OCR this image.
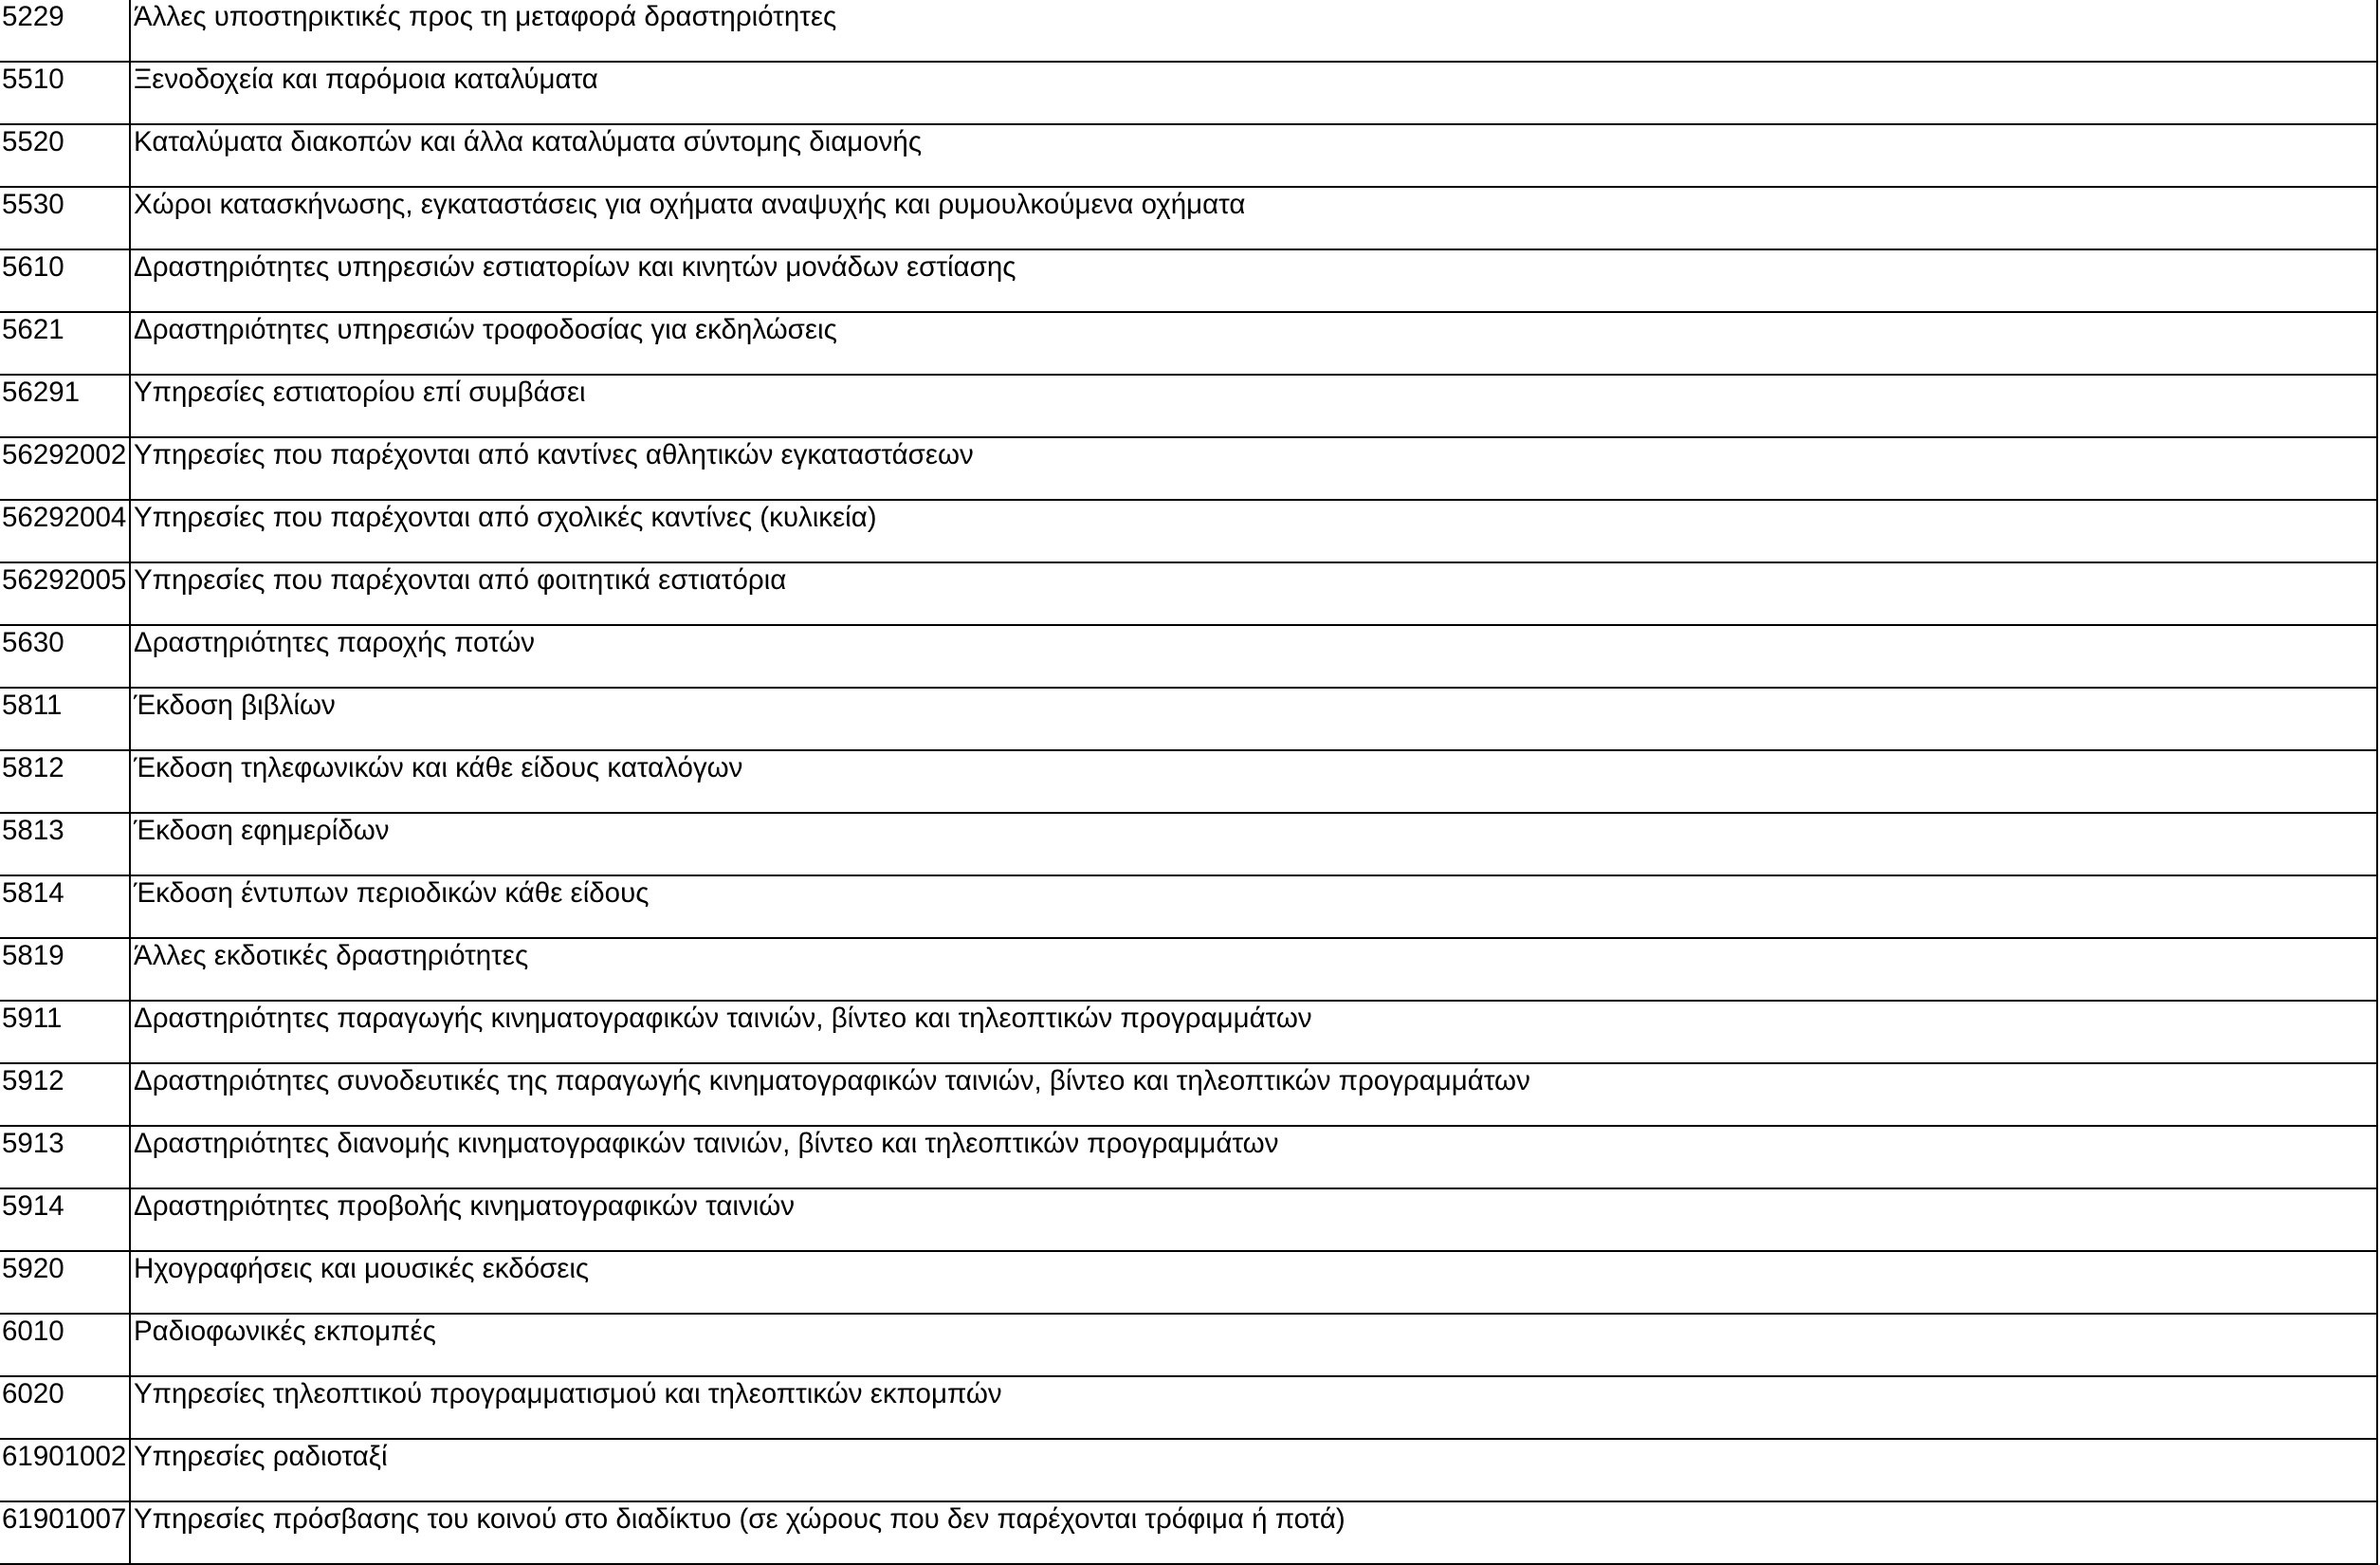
5229	Άλλες υποστηρικτικές προς τη μεταφορά δραστηριότητες

5510	Ξενοδοχεία και παρόμοια καταλύματα

5520	Καταλύματα διακοπών και άλλα καταλύματα σύντομης διαμονής

5530	Χώροι κατασκήνωσης, εγκαταστάσεις για οχήματα αναψυχής και ρυμουλκούμενα οχήματα

5610	Δραστηριότητες υπηρεσιών εστιατορίων και κινητών μονάδων εστίασης

5621	Δραστηριότητες υπηρεσιών τροφοδοσίας για εκδηλώσεις

56291	Υπηρεσίες εστιατορίου επί συμβάσει

56292002	Υπηρεσίες που παρέχονται από καντίνες αθλητικών εγκαταστάσεων

56292004	Υπηρεσίες που παρέχονται από σχολικές καντίνες (κυλικεία)

56292005	Υπηρεσίες που παρέχονται από φοιτητικά εστιατόρια

5630	Δραστηριότητες παροχής ποτών

5811	Έκδοση βιβλίων

5812	Έκδοση τηλεφωνικών και κάθε είδους καταλόγων

5813	Έκδοση εφημερίδων

5814	Έκδοση έντυπων περιοδικών κάθε είδους

5819	Άλλες εκδοτικές δραστηριότητες

5911	Δραστηριότητες παραγωγής κινηματογραφικών ταινιών, βίντεο και τηλεοπτικών προγραμμάτων

5912	Δραστηριότητες συνοδευτικές της παραγωγής κινηματογραφικών ταινιών, βίντεο και τηλεοπτικών προγραμμάτων

5913	Δραστηριότητες διανομής κινηματογραφικών ταινιών, βίντεο και τηλεοπτικών προγραμμάτων

5914	Δραστηριότητες προβολής κινηματογραφικών ταινιών

5920	Ηχογραφήσεις και μουσικές εκδόσεις

6010	Ραδιοφωνικές εκπομπές

6020	Υπηρεσίες τηλεοπτικού προγραμματισμού και τηλεοπτικών εκπομπών

61901002	Υπηρεσίες ραδιοταξί

61901007	Υπηρεσίες πρόσβασης του κοινού στο διαδίκτυο (σε χώρους που δεν παρέχονται τρόφιμα ή ποτά)
